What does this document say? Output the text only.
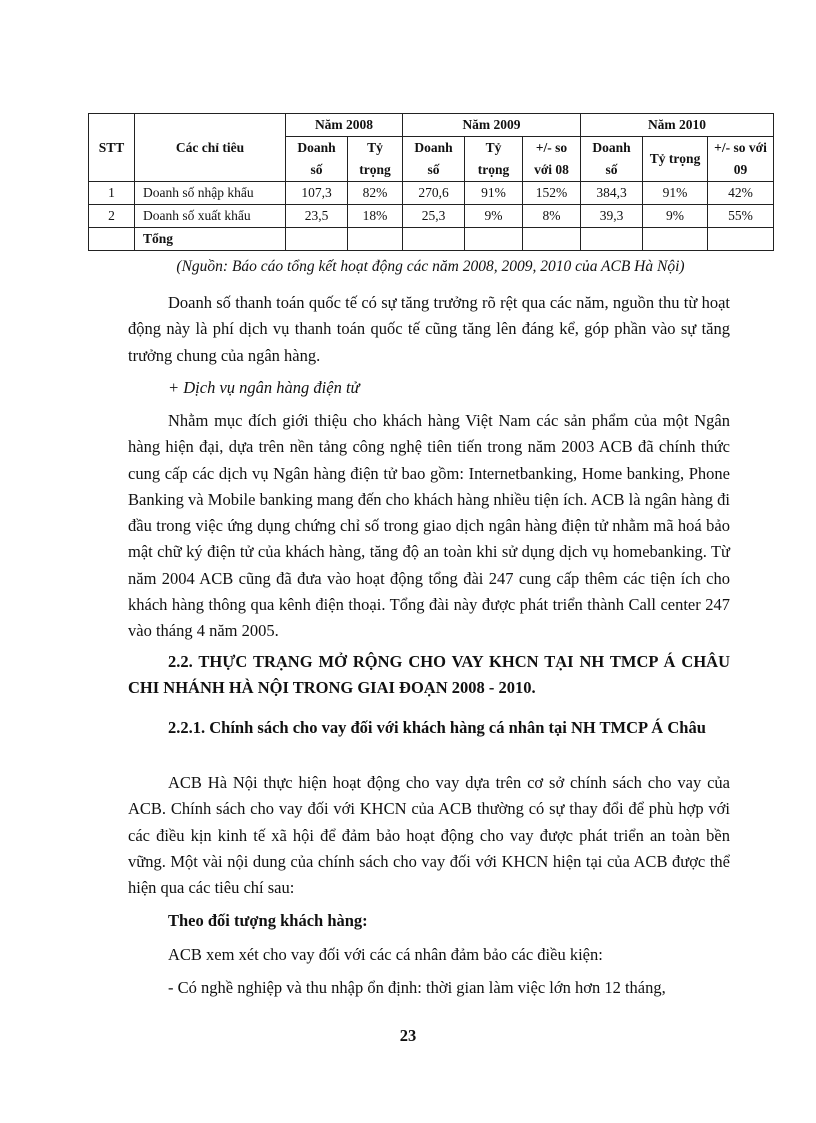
STT	Các chỉ tiêu	Năm 2008		Năm 2009			Năm 2010		
		Doanh số	Tỷ trọng	Doanh số	Tỷ trọng	+/- so với 08	Doanh số	Tỷ trọng	+/- so với 09
1	Doanh số nhập khẩu	107,3	82%	270,6	91%	152%	384,3	91%	42%
2	Doanh số xuất khẩu	23,5	18%	25,3	9%	8%	39,3	9%	55%
	Tổng								
(Nguồn: Báo cáo tổng kết hoạt động các năm 2008, 2009, 2010 của ACB Hà Nội)

Doanh số thanh toán quốc tế có sự tăng trưởng rõ rệt qua các năm, nguồn thu từ hoạt động này là phí dịch vụ thanh toán quốc tế cũng tăng lên đáng kể, góp phần vào sự tăng trưởng chung của ngân hàng.

+ Dịch vụ ngân hàng điện tử

Nhằm mục đích giới thiệu cho khách hàng Việt Nam các sản phẩm của một Ngân hàng hiện đại, dựa trên nền tảng công nghệ tiên tiến trong năm 2003 ACB đã chính thức cung cấp các dịch vụ Ngân hàng điện tử bao gồm: Internetbanking, Home banking, Phone Banking và Mobile banking mang đến cho khách hàng nhiều tiện ích. ACB là ngân hàng đi đầu trong việc ứng dụng chứng chỉ số trong giao dịch ngân hàng điện tử nhằm mã hoá bảo mật chữ ký điện tử của khách hàng, tăng độ an toàn khi sử dụng dịch vụ homebanking. Từ năm 2004 ACB cũng đã đưa vào hoạt động tổng đài 247 cung cấp thêm các tiện ích cho khách hàng thông qua kênh điện thoại. Tổng đài này được phát triển thành Call center 247 vào tháng 4 năm 2005.

2.2. THỰC TRẠNG MỞ RỘNG CHO VAY KHCN TẠI NH TMCP Á CHÂU CHI NHÁNH HÀ NỘI TRONG GIAI ĐOẠN 2008 - 2010.

2.2.1. Chính sách cho vay đối với khách hàng cá nhân tại NH TMCP Á Châu

ACB Hà Nội thực hiện hoạt động cho vay dựa trên cơ sở chính sách cho vay của ACB. Chính sách cho vay đối với KHCN của ACB thường có sự thay đổi để phù hợp với các điều kịn kinh tế xã hội để đảm bảo hoạt động cho vay được phát triển an toàn bền vững. Một vài nội dung của chính sách cho vay đối với KHCN hiện tại của ACB được thể hiện qua các tiêu chí sau:

Theo đối tượng khách hàng:

ACB xem xét cho vay đối với các cá nhân đảm bảo các điều kiện:

- Có nghề nghiệp và thu nhập ổn định: thời gian làm việc lớn hơn 12 tháng,

23
